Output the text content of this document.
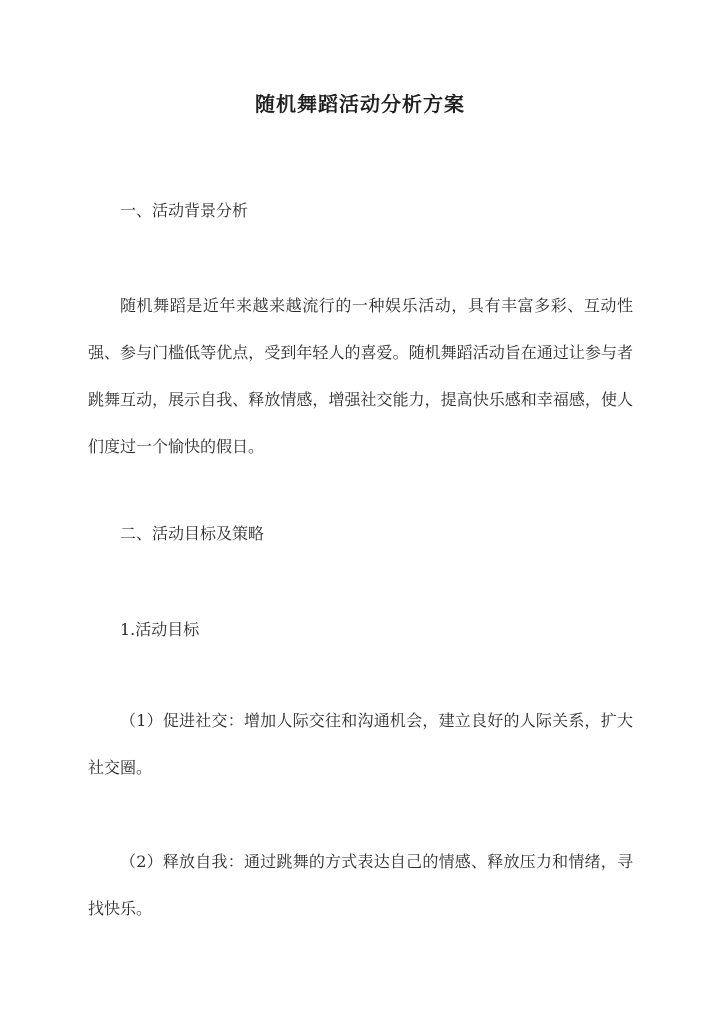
随机舞蹈活动分析方案
一、活动背景分析

随机舞蹈是近年来越来越流行的一种娱乐活动，具有丰富多彩、互动性强、参与门槛低等优点，受到年轻人的喜爱。随机舞蹈活动旨在通过让参与者跳舞互动，展示自我、释放情感，增强社交能力，提高快乐感和幸福感，使人们度过一个愉快的假日。

二、活动目标及策略
1.活动目标

（1）促进社交：增加人际交往和沟通机会，建立良好的人际关系，扩大社交圈。

（2）释放自我：通过跳舞的方式表达自己的情感、释放压力和情绪，寻找快乐。
